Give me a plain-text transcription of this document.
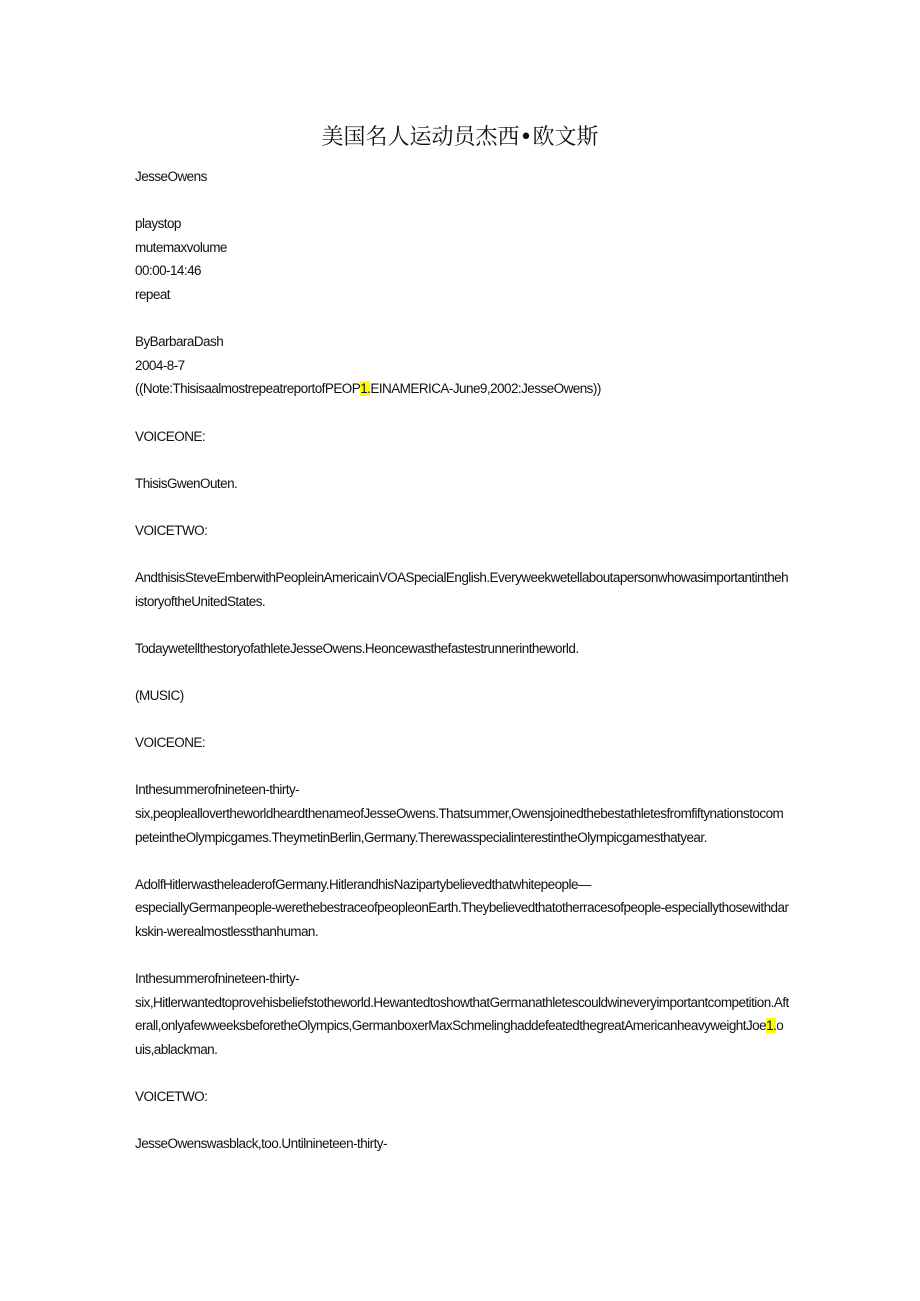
美国名人运动员杰西•欧文斯

JesseOwens

playstop

mutemaxvolume

00:00-14:46

repeat

ByBarbaraDash

2004-8-7

((Note:ThisisaalmostrepeatreportofPEOP1.EINAMERICA-June9,2002:JesseOwens))

VOICEONE:

ThisisGwenOuten.

VOICETWO:

AndthisisSteveEmberwithPeopleinAmericainVOASpecialEnglish.EveryweekwetellaboutapersonwhowasimportantinthehistoryoftheUnitedStates.

TodaywetellthestoryofathleteJesseOwens.Heoncewasthefastestrunnerintheworld.

(MUSIC)

VOICEONE:

Inthesummerofnineteen-thirty-

six,peopleallovertheworldheardthenameofJesseOwens.Thatsummer,OwensjoinedthebestathletesfromfiftynationstocompeteintheOlympicgames.TheymetinBerlin,Germany.TherewasspecialinterestintheOlympicgamesthatyear.

AdolfHitlerwastheleaderofGermany.HitlerandhisNazipartybelievedthatwhitepeople—

especiallyGermanpeople-werethebestraceofpeopleonEarth.Theybelievedthatotherracesofpeople-especiallythosewithdarkskin-werealmostlessthanhuman.

Inthesummerofnineteen-thirty-

six,Hitlerwantedtoprovehisbeliefstotheworld.HewantedtoshowthatGermanathletescouldwineveryimportantcompetition.Afterall,onlyafewweeksbeforetheOlympics,GermanboxerMaxSchmelinghaddefeatedthegreatAmericanheavyweightJoe1.ouis,ablackman.

VOICETWO:

JesseOwenswasblack,too.Untilnineteen-thirty-
